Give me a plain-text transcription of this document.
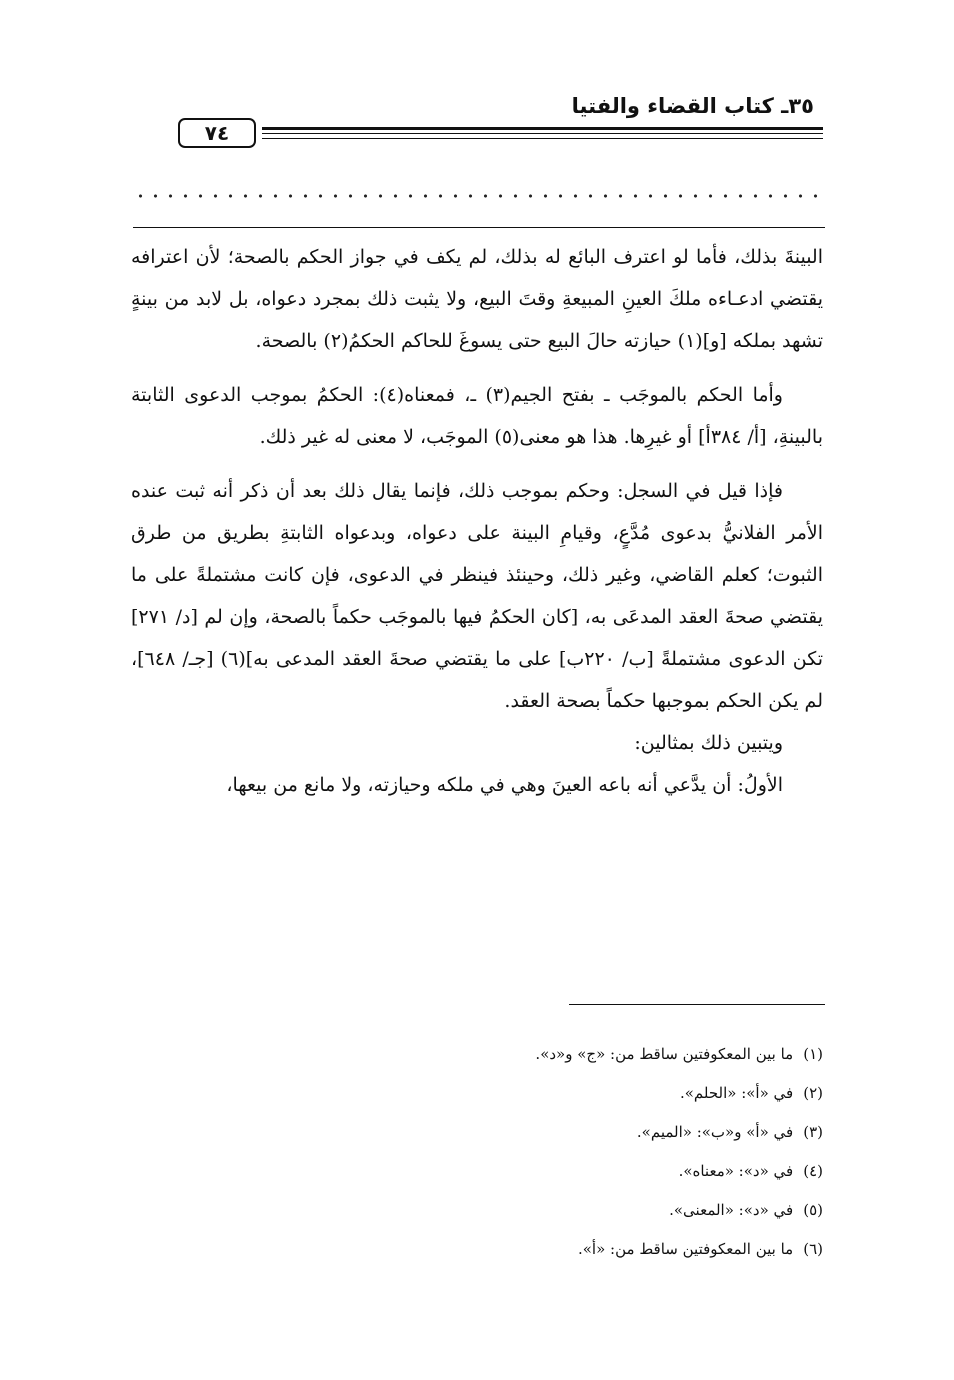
٣٥ـ كتاب القضاء والفتيا
٧٤

البينةَ بذلك، فأما لو اعترف البائع له بذلك، لم يكف في جواز الحكم بالصحة؛ لأن اعترافه يقتضي ادعـاءه ملكَ العينِ المبيعةِ وقتَ البيع، ولا يثبت ذلك بمجرد دعواه، بل لابد من بينةٍ تشهد بملكه [و](١) حيازته حالَ البيع حتى يسوغَ للحاكم الحكمُ(٢) بالصحة.

وأما الحكم بالموجَب ـ بفتح الجيم(٣) ـ، فمعناه(٤): الحكمُ بموجب الدعوى الثابتة بالبينةِ، [أ/ ٣٨٤أ] أو غيرِها. هذا هو معنى(٥) الموجَب، لا معنى له غير ذلك.

فإذا قيل في السجل: وحكم بموجب ذلك، فإنما يقال ذلك بعد أن ذكر أنه ثبت عنده الأمر الفلانيُّ بدعوى مُدَّعٍ، وقيامِ البينة على دعواه، وبدعواه الثابتةِ بطريق من طرق الثبوت؛ كعلم القاضي، وغير ذلك، وحينئذ فينظر في الدعوى، فإن كانت مشتملةً على ما يقتضي صحةَ العقد المدعَى به، [كان الحكمُ فيها بالموجَب حكماً بالصحة، وإن لم [د/ ٢٧١] تكن الدعوى مشتملةً [ب/ ٢٢٠ب] على ما يقتضي صحةَ العقد المدعى به](٦) [جـ/ ٦٤٨]، لم يكن الحكم بموجبها حكماً بصحة العقد.

ويتبين ذلك بمثالين:

الأولُ: أن يدَّعي أنه باعه العينَ وهي في ملكه وحيازته، ولا مانع من بيعها،

(١)
ما بين المعكوفتين ساقط من: «ج» و«د».
(٢)
في «أ»: «الحلم».
(٣)
في «أ» و«ب»: «الميم».
(٤)
في «د»: «معناه».
(٥)
في «د»: «المعنى».
(٦)
ما بين المعكوفتين ساقط من: «أ».
